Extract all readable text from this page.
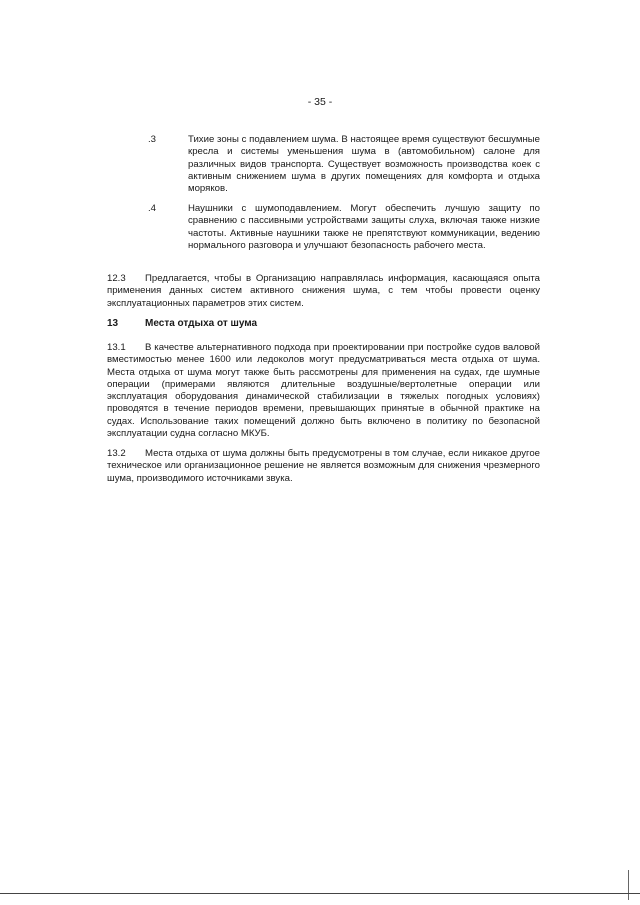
- 35 -
.3	Тихие зоны с подавлением шума. В настоящее время существуют бесшумные кресла и системы уменьшения шума в (автомобильном) салоне для различных видов транспорта. Существует возможность производства коек с активным снижением шума в других помещениях для комфорта и отдыха моряков.
.4	Наушники с шумоподавлением. Могут обеспечить лучшую защиту по сравнению с пассивными устройствами защиты слуха, включая также низкие частоты. Активные наушники также не препятствуют коммуникации, ведению нормального разговора и улучшают безопасность рабочего места.
12.3 Предлагается, чтобы в Организацию направлялась информация, касающаяся опыта применения данных систем активного снижения шума, с тем чтобы провести оценку эксплуатационных параметров этих систем.
13	Места отдыха от шума
13.1 В качестве альтернативного подхода при проектировании при постройке судов валовой вместимостью менее 1600 или ледоколов могут предусматриваться места отдыха от шума. Места отдыха от шума могут также быть рассмотрены для применения на судах, где шумные операции (примерами являются длительные воздушные/вертолетные операции или эксплуатация оборудования динамической стабилизации в тяжелых погодных условиях) проводятся в течение периодов времени, превышающих принятые в обычной практике на судах. Использование таких помещений должно быть включено в политику по безопасной эксплуатации судна согласно МКУБ.
13.2 Места отдыха от шума должны быть предусмотрены в том случае, если никакое другое техническое или организационное решение не является возможным для снижения чрезмерного шума, производимого источниками звука.
